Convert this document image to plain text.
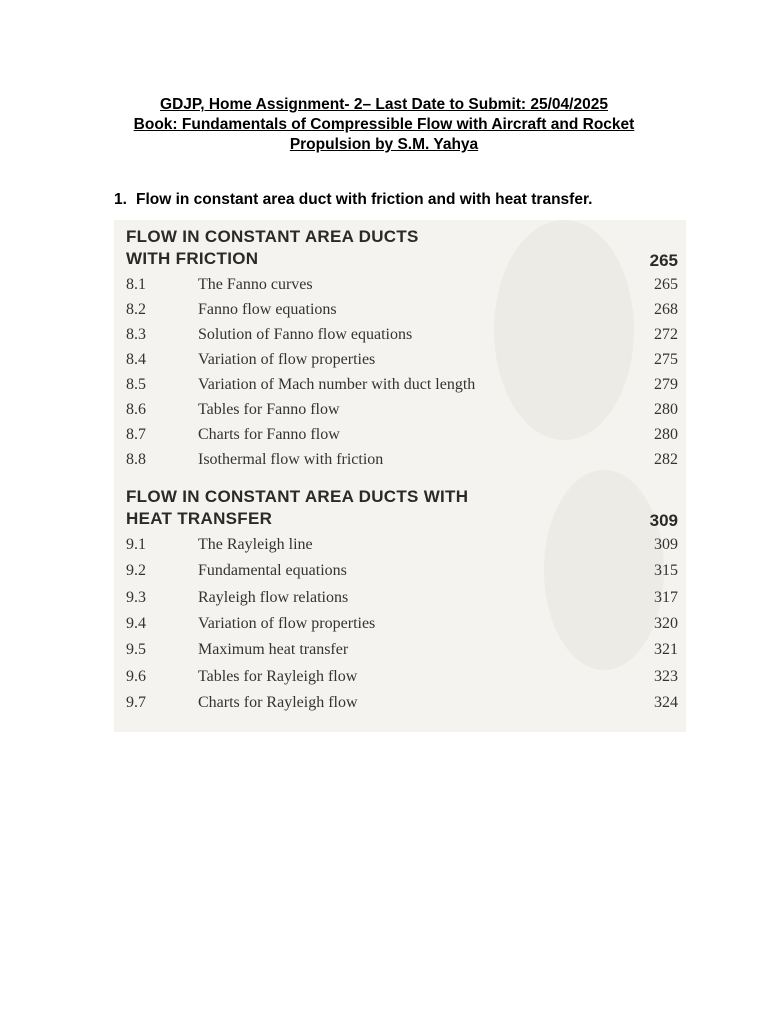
GDJP, Home Assignment- 2– Last Date to Submit: 25/04/2025
Book: Fundamentals of Compressible Flow with Aircraft and Rocket
Propulsion by S.M. Yahya
1. Flow in constant area duct with friction and with heat transfer.
FLOW IN CONSTANT AREA DUCTS
WITH FRICTION	265
8.1	The Fanno curves	265
8.2	Fanno flow equations	268
8.3	Solution of Fanno flow equations	272
8.4	Variation of flow properties	275
8.5	Variation of Mach number with duct length	279
8.6	Tables for Fanno flow	280
8.7	Charts for Fanno flow	280
8.8	Isothermal flow with friction	282
FLOW IN CONSTANT AREA DUCTS WITH
HEAT TRANSFER	309
9.1	The Rayleigh line	309
9.2	Fundamental equations	315
9.3	Rayleigh flow relations	317
9.4	Variation of flow properties	320
9.5	Maximum heat transfer	321
9.6	Tables for Rayleigh flow	323
9.7	Charts for Rayleigh flow	324
